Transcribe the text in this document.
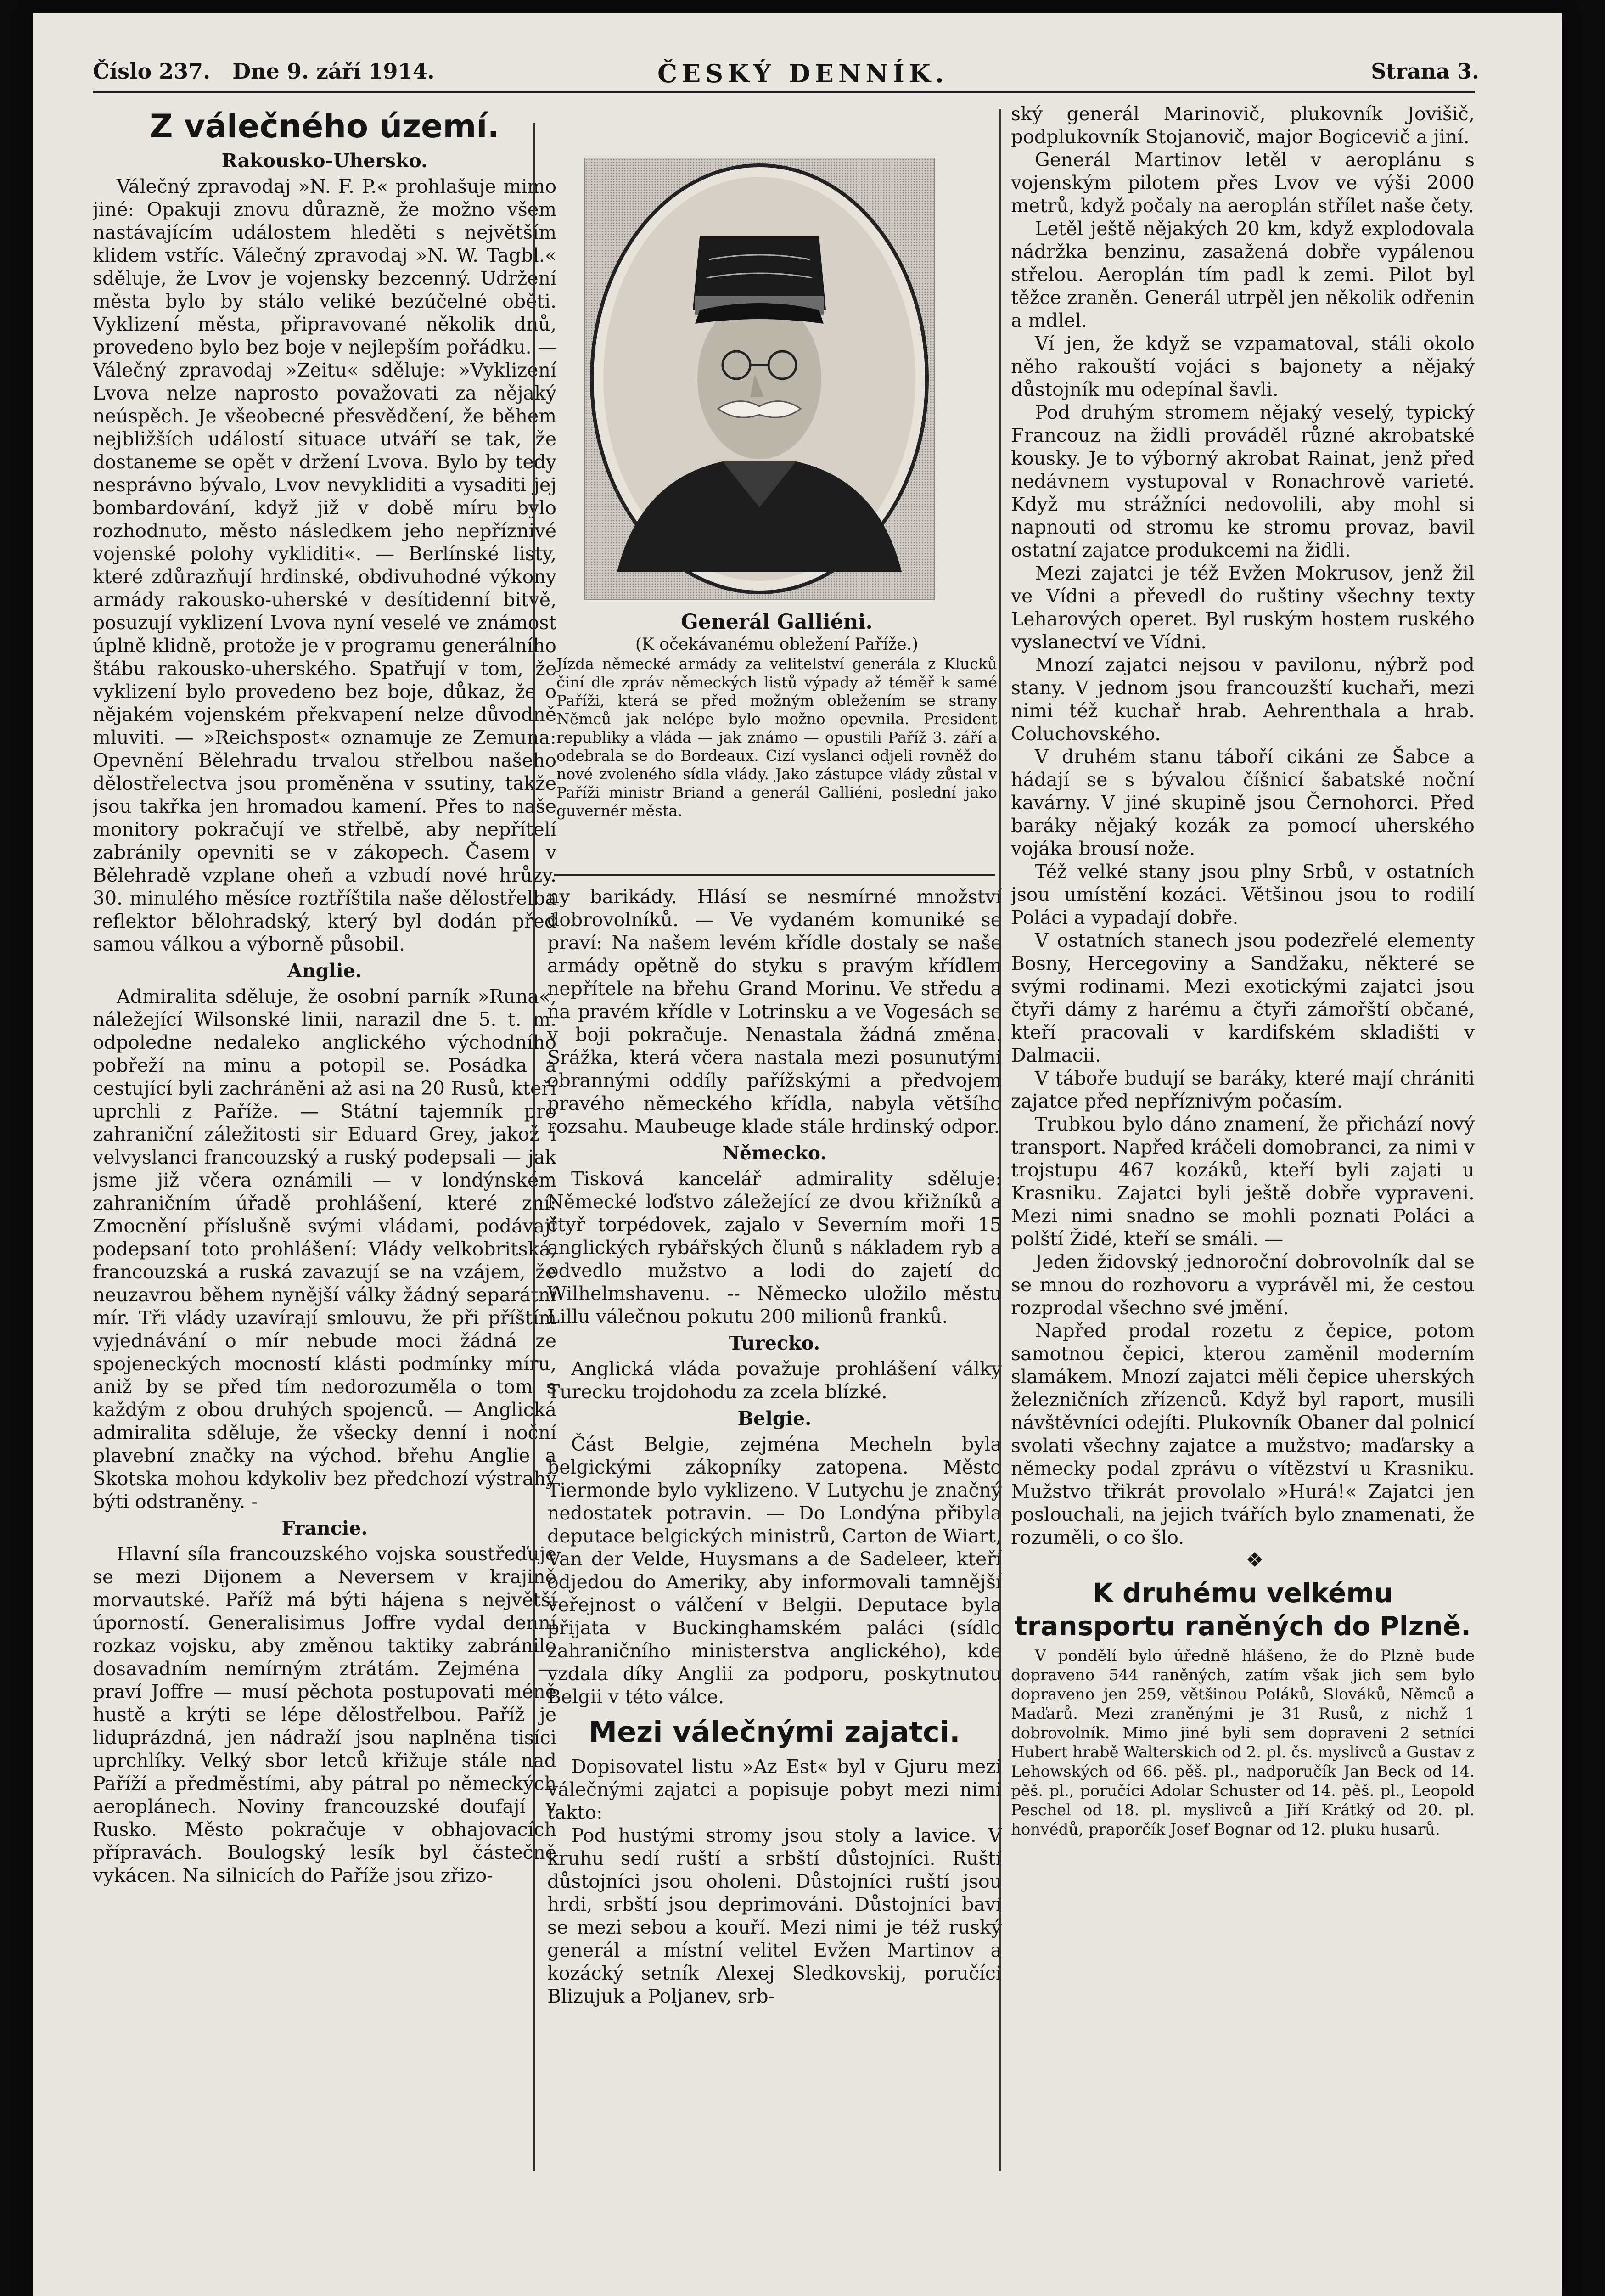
Číslo 237. Dne 9. září 1914.	ČESKÝ DENNÍK.	Strana 3.

Z válečného území.

Rakousko-Uhersko.

Válečný zpravodaj »N. F. P.« prohlašuje mimo jiné: Opakuji znovu důrazně, že možno všem nastávajícím událostem hleděti s největším klidem vstříc. Válečný zpravodaj »N. W. Tagbl.« sděluje, že Lvov je vojensky bezcenný. Udržení města bylo by stálo veliké bezúčelné oběti. Vyklizení města, připravované několik dnů, provedeno bylo bez boje v nejlepším pořádku. — Válečný zpravodaj »Zeitu« sděluje: »Vyklizení Lvova nelze naprosto považovati za nějaký neúspěch. Je všeobecné přesvědčení, že během nejbližších událostí situace utváří se tak, že dostaneme se opět v držení Lvova. Bylo by tedy nesprávno bývalo, Lvov nevykliditi a vysaditi jej bombardování, když již v době míru bylo rozhodnuto, město následkem jeho nepříznivé vojenské polohy vykliditi«. — Berlínské listy, které zdůrazňují hrdinské, obdivuhodné výkony armády rakousko-uherské v desítidenní bitvě, posuzují vyklizení Lvova nyní veselé ve známost úplně klidně, protože je v programu generálního štábu rakousko-uherského. Spatřují v tom, že vyklizení bylo provedeno bez boje, důkaz, že o nějakém vojenském překvapení nelze důvodně mluviti. — »Reichspost« oznamuje ze Zemuna: Opevnění Bělehradu trvalou střelbou našeho dělostřelectva jsou proměněna v ssutiny, takže jsou takřka jen hromadou kamení. Přes to naše monitory pokračují ve střelbě, aby nepřítelí zabránily opevniti se v zákopech. Časem v Bělehradě vzplane oheň a vzbudí nové hrůzy. 30. minulého měsíce roztříštila naše dělostřelba reflektor bělohradský, který byl dodán před samou válkou a výborně působil.

Anglie.

Admiralita sděluje, že osobní parník »Runa«, náležející Wilsonské linii, narazil dne 5. t. m. odpoledne nedaleko anglického východního pobřeží na minu a potopil se. Posádka a cestující byli zachráněni až asi na 20 Rusů, kteří uprchli z Paříže. — Státní tajemník pro zahraniční záležitosti sir Eduard Grey, jakož i velvyslanci francouzský a ruský podepsali — jak jsme již včera oznámili — v londýnském zahraničním úřadě prohlášení, které zní: Zmocnění příslušně svými vládami, podávají podepsaní toto prohlášení: Vlády velkobritská, francouzská a ruská zavazují se na vzájem, že neuzavrou během nynější války žádný separátní mír. Tři vlády uzavírají smlouvu, že při příštím vyjednávání o mír nebude moci žádná ze spojeneckých mocností klásti podmínky míru, aniž by se před tím nedorozuměla o tom s každým z obou druhých spojenců. — Anglická admiralita sděluje, že všecky denní i noční plavební značky na východ. břehu Anglie a Skotska mohou kdykoliv bez předchozí výstrahy býti odstraněny. -

Francie.

Hlavní síla francouzského vojska soustřeďuje se mezi Dijonem a Neversem v krajině morvautské. Paříž má býti hájena s největší úporností. Generalisimus Joffre vydal denní rozkaz vojsku, aby změnou taktiky zabránilo dosavadním nemírným ztrátám. Zejména — praví Joffre — musí pěchota postupovati méně hustě a krýti se lépe dělostřelbou. Paříž je liduprázdná, jen nádraží jsou naplněna tisíci uprchlíky. Velký sbor letců křižuje stále nad Paříží a předměstími, aby pátral po německých aeroplánech. Noviny francouzské doufají v Rusko. Město pokračuje v obhajovacích přípravách. Boulogský lesík byl částečně vykácen. Na silnicích do Paříže jsou zřizo-

Generál Galliéni.
(K očekávanému obležení Paříže.)
Jízda německé armády za velitelství generála z Klucků činí dle zpráv německých listů výpady až téměř k samé Paříži, která se před možným obležením se strany Němců jak nelépe bylo možno opevnila. President republiky a vláda — jak známo — opustili Paříž 3. září a odebrala se do Bordeaux. Cizí vyslanci odjeli rovněž do nové zvoleného sídla vlády. Jako zástupce vlády zůstal v Paříži ministr Briand a generál Galliéni, poslední jako guvernér města.

ny barikády. Hlásí se nesmírné množství dobrovolníků. — Ve vydaném komuniké se praví: Na našem levém křídle dostaly se naše armády opětně do styku s pravým křídlem nepřítele na břehu Grand Morinu. Ve středu a na pravém křídle v Lotrinsku a ve Vogesách se v boji pokračuje. Nenastala žádná změna. Srážka, která včera nastala mezi posunutými obrannými oddíly pařížskými a předvojem pravého německého křídla, nabyla většího rozsahu. Maubeuge klade stále hrdinský odpor.

Německo.

Tisková kancelář admirality sděluje: Německé loďstvo záležející ze dvou křižníků a čtyř torpédovek, zajalo v Severním moři 15 anglických rybářských člunů s nákladem ryb a odvedlo mužstvo a lodi do zajetí do Wilhelmshavenu. -- Německo uložilo městu Lillu válečnou pokutu 200 milionů franků.

Turecko.

Anglická vláda považuje prohlášení války Turecku trojdohodu za zcela blízké.

Belgie.

Část Belgie, zejména Mecheln byla belgickými zákopníky zatopena. Město Tiermonde bylo vyklizeno. V Lutychu je značný nedostatek potravin. — Do Londýna přibyla deputace belgických ministrů, Carton de Wiart, Van der Velde, Huysmans a de Sadeleer, kteří odjedou do Ameriky, aby informovali tamnější veřejnost o válčení v Belgii. Deputace byla přijata v Buckinghamském paláci (sídlo zahraničního ministerstva anglického), kde vzdala díky Anglii za podporu, poskytnutou Belgii v této válce.

Mezi válečnými zajatci.

Dopisovatel listu »Az Est« byl v Gjuru mezi válečnými zajatci a popisuje pobyt mezi nimi takto:

Pod hustými stromy jsou stoly a lavice. V kruhu sedí ruští a srbští důstojníci. Ruští důstojníci jsou oholeni. Důstojníci ruští jsou hrdi, srbští jsou deprimováni. Důstojníci baví se mezi sebou a kouří. Mezi nimi je též ruský generál a místní velitel Evžen Martinov a kozácký setník Alexej Sledkovskij, poručíci Blizujuk a Poljanev, srb-

ský generál Marinovič, plukovník Jovišič, podplukovník Stojanovič, major Bogicevič a jiní.

Generál Martinov letěl v aeroplánu s vojenským pilotem přes Lvov ve výši 2000 metrů, když počaly na aeroplán střílet naše čety.

Letěl ještě nějakých 20 km, když explodovala nádržka benzinu, zasažená dobře vypálenou střelou. Aeroplán tím padl k zemi. Pilot byl těžce zraněn. Generál utrpěl jen několik odřenin a mdlel.

Ví jen, že když se vzpamatoval, stáli okolo něho rakouští vojáci s bajonety a nějaký důstojník mu odepínal šavli.

Pod druhým stromem nějaký veselý, typický Francouz na židli prováděl různé akrobatské kousky. Je to výborný akrobat Rainat, jenž před nedávnem vystupoval v Ronachrově varieté. Když mu strážníci nedovolili, aby mohl si napnouti od stromu ke stromu provaz, bavil ostatní zajatce produkcemi na židli.

Mezi zajatci je též Evžen Mokrusov, jenž žil ve Vídni a převedl do ruštiny všechny texty Leharových operet. Byl ruským hostem ruského vyslanectví ve Vídni.

Mnozí zajatci nejsou v pavilonu, nýbrž pod stany. V jednom jsou francouzští kuchaři, mezi nimi též kuchař hrab. Aehrenthala a hrab. Coluchovského.

V druhém stanu táboří cikáni ze Šabce a hádají se s bývalou číšnicí šabatské noční kavárny. V jiné skupině jsou Černohorci. Před baráky nějaký kozák za pomocí uherského vojáka brousí nože.

Též velké stany jsou plny Srbů, v ostatních jsou umístění kozáci. Většinou jsou to rodilí Poláci a vypadají dobře.

V ostatních stanech jsou podezřelé elementy Bosny, Hercegoviny a Sandžaku, některé se svými rodinami. Mezi exotickými zajatci jsou čtyři dámy z harému a čtyři zámořští občané, kteří pracovali v kardifském skladišti v Dalmacii.

V táboře budují se baráky, které mají chrániti zajatce před nepříznivým počasím.

Trubkou bylo dáno znamení, že přichází nový transport. Napřed kráčeli domobranci, za nimi v trojstupu 467 kozáků, kteří byli zajati u Krasniku. Zajatci byli ještě dobře vypraveni. Mezi nimi snadno se mohli poznati Poláci a polští Židé, kteří se smáli. —

Jeden židovský jednoroční dobrovolník dal se se mnou do rozhovoru a vyprávěl mi, že cestou rozprodal všechno své jmění.

Napřed prodal rozetu z čepice, potom samotnou čepici, kterou zaměnil moderním slamákem. Mnozí zajatci měli čepice uherských železničních zřízenců. Když byl raport, musili návštěvníci odejíti. Plukovník Obaner dal polnicí svolati všechny zajatce a mužstvo; maďarsky a německy podal zprávu o vítězství u Krasniku. Mužstvo třikrát provolalo »Hurá!« Zajatci jen poslouchali, na jejich tvářích bylo znamenati, že rozuměli, o co šlo.

❖

K druhému velkému transportu raněných do Plzně.

V pondělí bylo úředně hlášeno, že do Plzně bude dopraveno 544 raněných, zatím však jich sem bylo dopraveno jen 259, většinou Poláků, Slováků, Němců a Maďarů. Mezi zraněnými je 31 Rusů, z nichž 1 dobrovolník. Mimo jiné byli sem dopraveni 2 setníci Hubert hrabě Walterskich od 2. pl. čs. myslivců a Gustav z Lehowských od 66. pěš. pl., nadporučík Jan Beck od 14. pěš. pl., poručíci Adolar Schuster od 14. pěš. pl., Leopold Peschel od 18. pl. myslivců a Jiří Krátký od 20. pl. honvédů, praporčík Josef Bognar od 12. pluku husarů.
